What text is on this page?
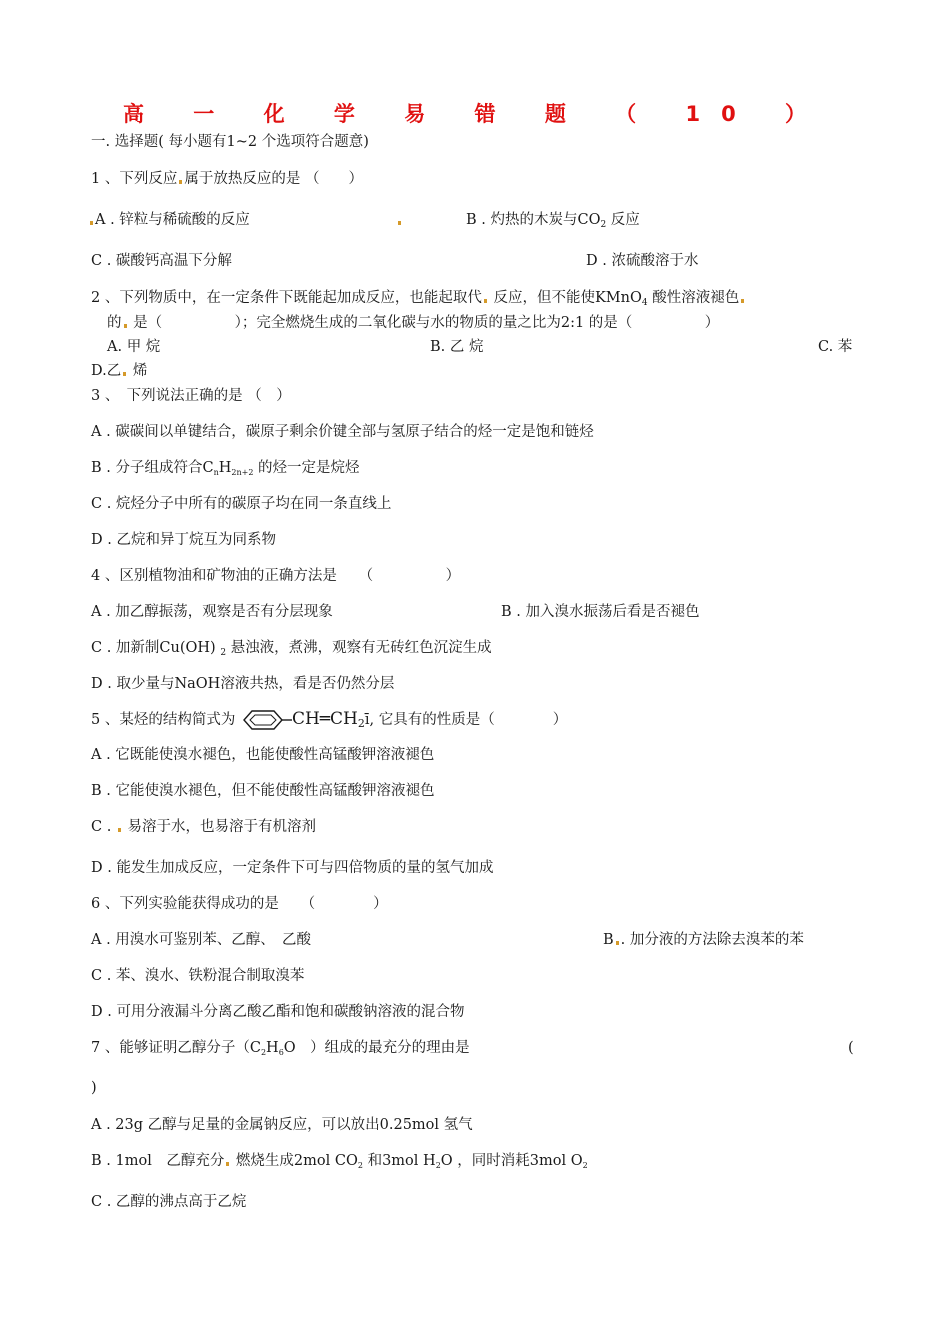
高 一 化 学 易 错 题 （ 10 ）
一. 选择题( 每小题有1~2 个选项符合题意)
1 、下列反应 属于放热反应的是 （　　）
A . 锌粒与稀硫酸的反应	B . 灼热的木炭与$CO_2$ 反应
C . 碳酸钙高温下分解	D . 浓硫酸溶于水
2 、下列物质中，在一定条件下既能起加成反应，也能起取代 反应，但不能使KMnO$_4$ 酸性溶液褪色
的 是（　　　　　）；完全燃烧生成的二氧化碳与水的物质的量之比为2:1 的是（　　　　　）
A. 甲 烷	B. 乙 烷	C. 苯
D.乙 烯
3 、　下列说法正确的是 （　）
A . 碳碳间以单键结合，碳原子剩余价键全部与氢原子结合的烃一定是饱和链烃
B . 分子组成符合$C_nH_{2n+2}$ 的烃一定是烷烃
C . 烷烃分子中所有的碳原子均在同一条直线上
D . 乙烷和异丁烷互为同系物
4 、区别植物油和矿物油的正确方法是　　（　　　　　）
A . 加乙醇振荡，观察是否有分层现象	B . 加入溴水振荡后看是否褪色
C . 加新制Cu(OH) $_2$ 悬浊液，煮沸，观察有无砖红色沉淀生成
D . 取少量与NaOH溶液共热，看是否仍然分层
5 、某烃的结构简式为	$CH═CH_2ī$, 它具有的性质是（　　　　）
A . 它既能使溴水褪色，也能使酸性高锰酸钾溶液褪色
B . 它能使溴水褪色，但不能使酸性高锰酸钾溶液褪色
C .  易溶于水，也易溶于有机溶剂
D . 能发生加成反应，一定条件下可与四倍物质的量的氢气加成
6 、下列实验能获得成功的是　　（　　　　）
A . 用溴水可鉴别苯、乙醇、　乙酸	B . 加分液的方法除去溴苯的苯
C . 苯、溴水、铁粉混合制取溴苯
D . 可用分液漏斗分离乙酸乙酯和饱和碳酸钠溶液的混合物
7 、能够证明乙醇分子（$C_2H_6O$　）组成的最充分的理由是	(
)
A . 23g 乙醇与足量的金属钠反应，可以放出0.25mol 氢气
B . 1mol　乙醇充分 燃烧生成2mol $CO_2$ 和3mol $H_2O$ ，同时消耗3mol $O_2$
C . 乙醇的沸点高于乙烷
